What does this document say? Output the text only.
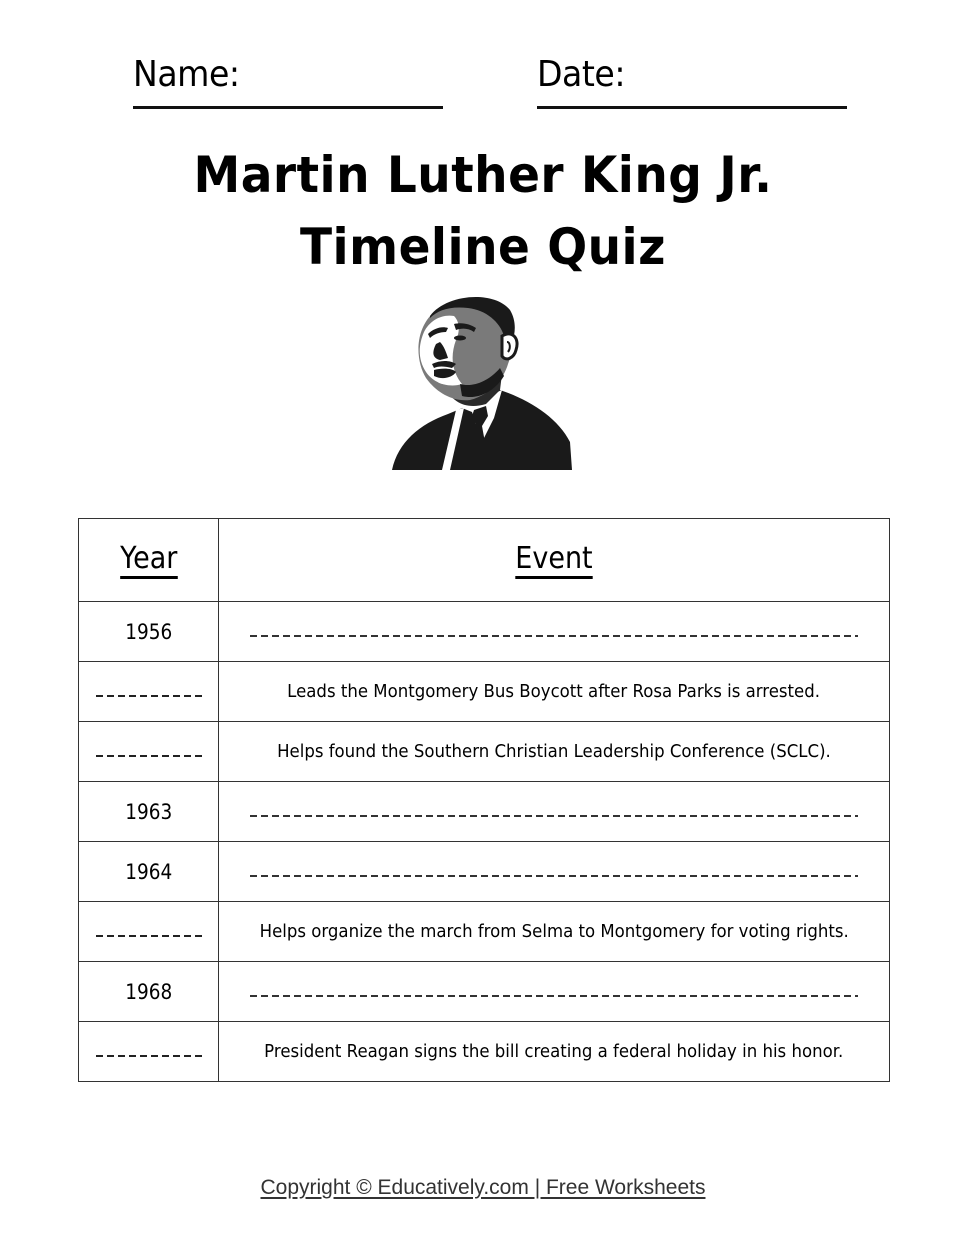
Name:	Date:
Martin Luther King Jr.
Timeline Quiz
Year	Event
1956	
	Leads the Montgomery Bus Boycott after Rosa Parks is arrested.
	Helps found the Southern Christian Leadership Conference (SCLC).
1963	
1964	
	Helps organize the march from Selma to Montgomery for voting rights.
1968	
	President Reagan signs the bill creating a federal holiday in his honor.
Copyright © Educatively.com | Free Worksheets
